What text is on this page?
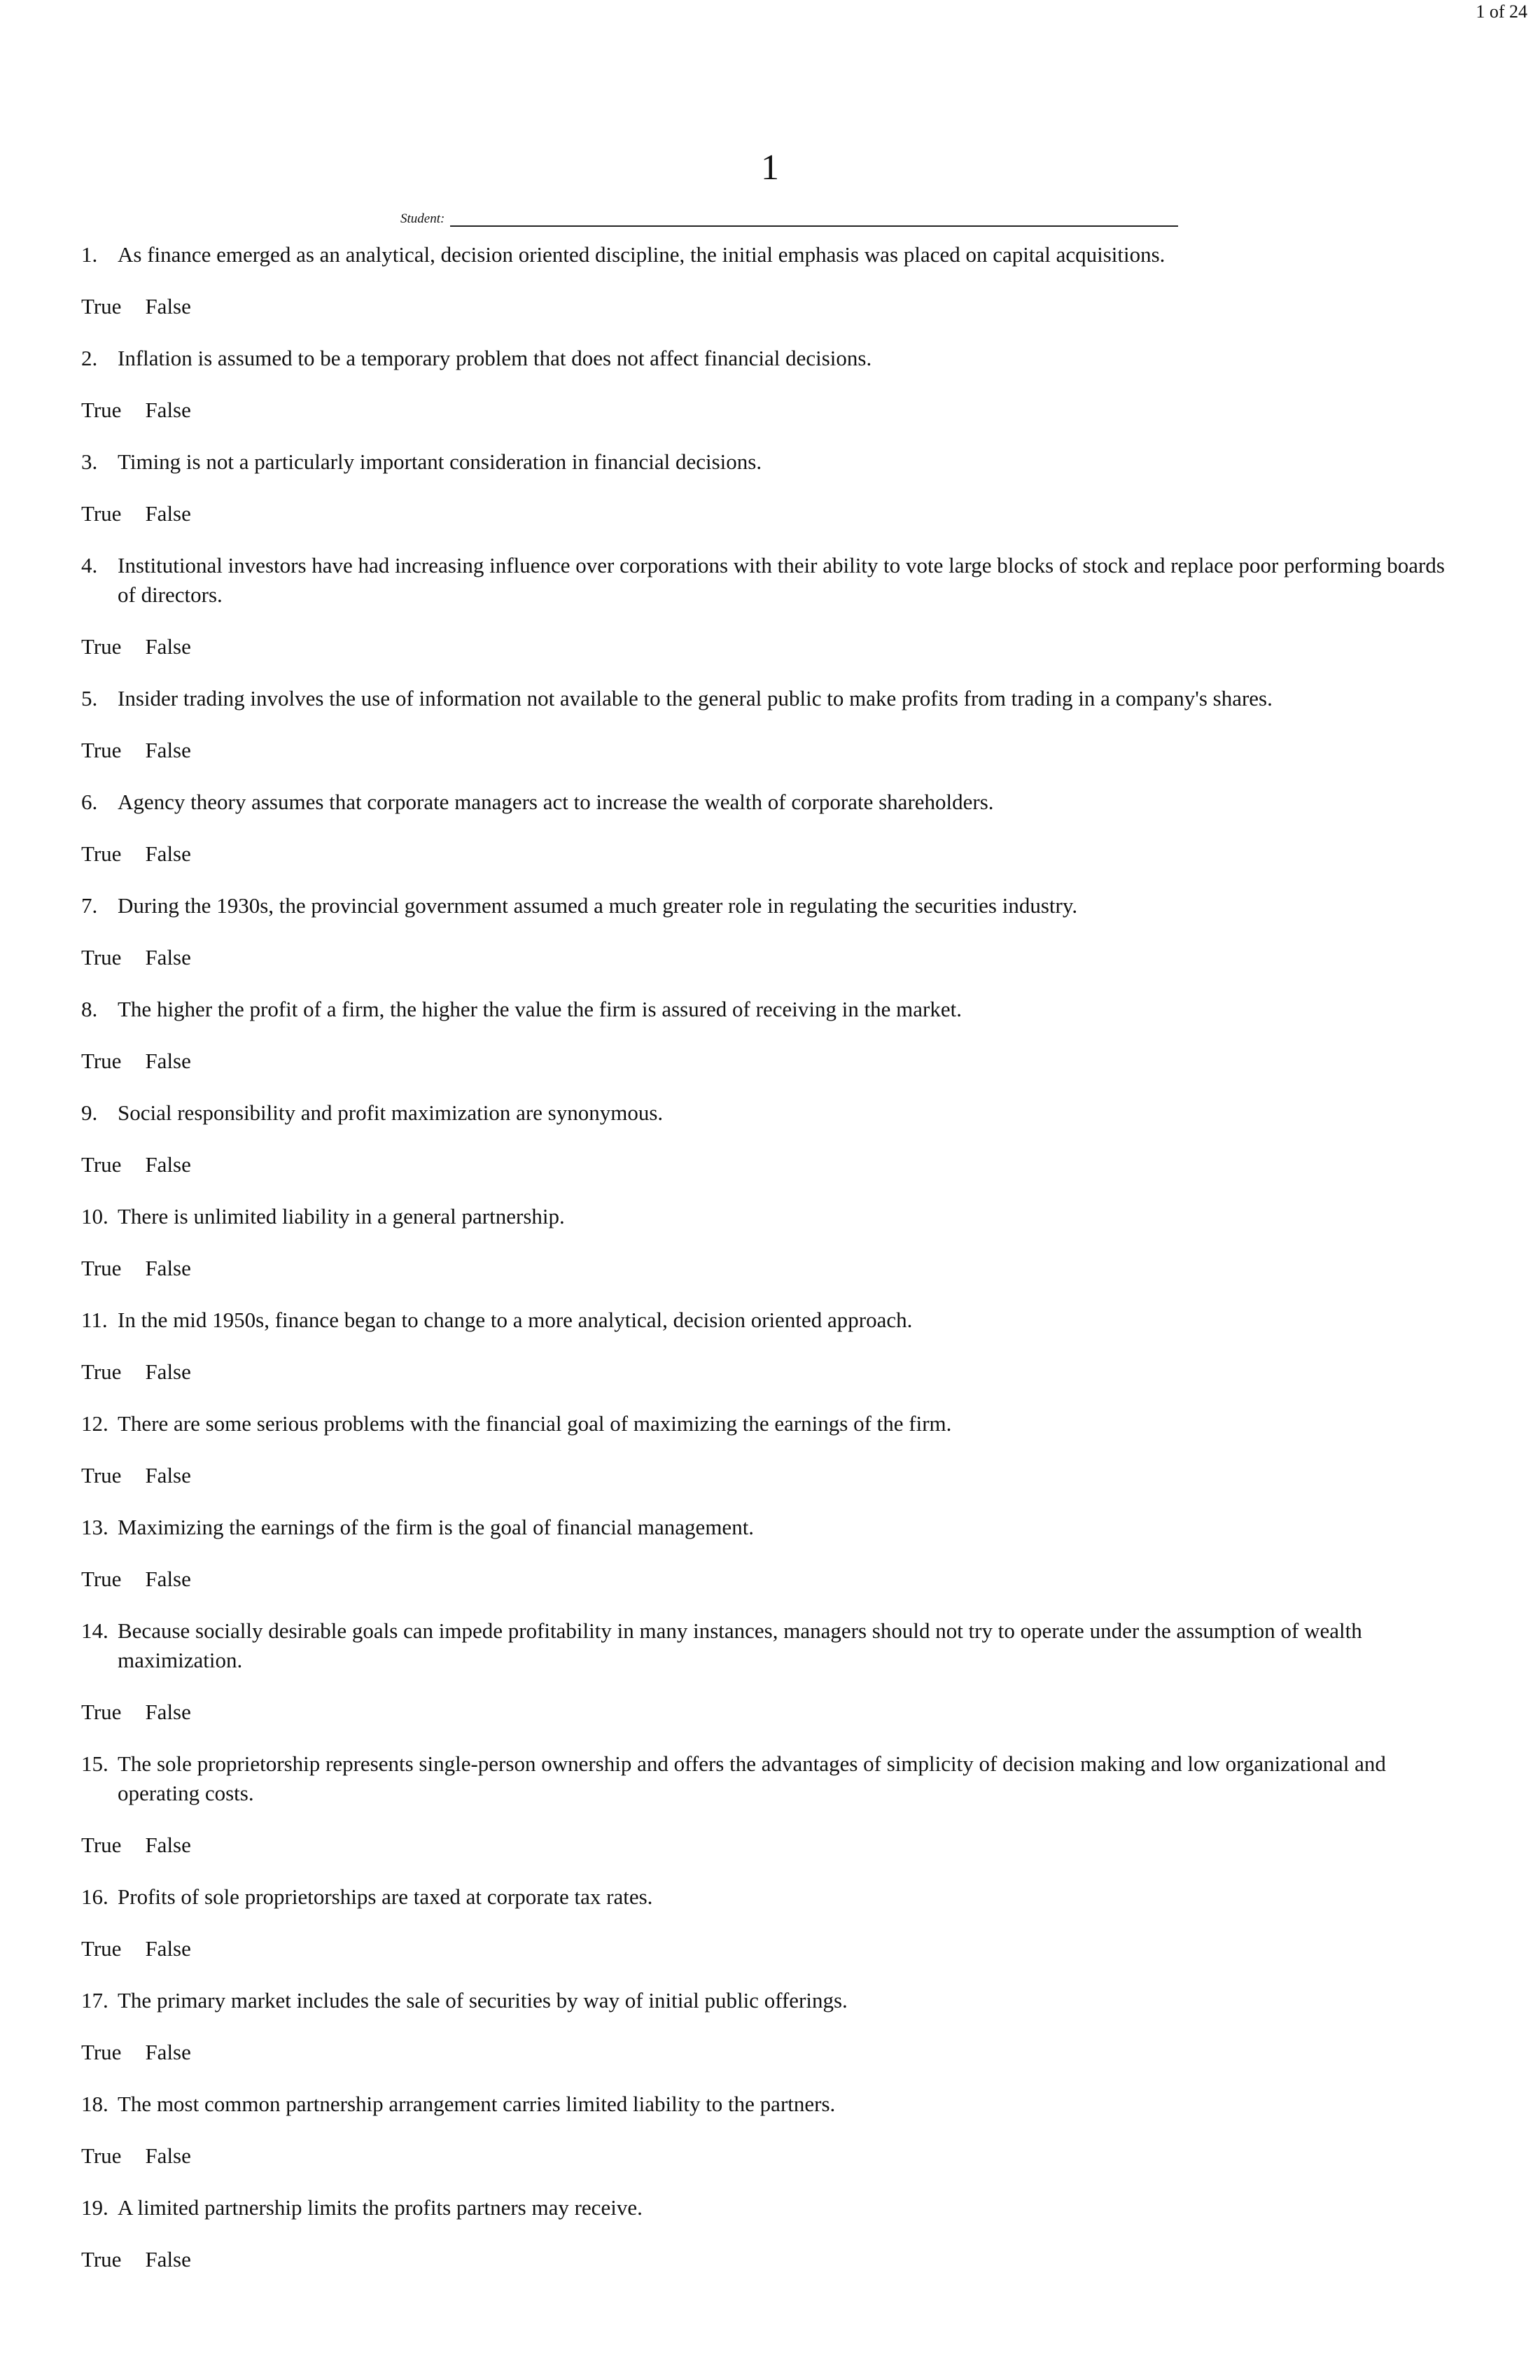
1 of 24
1
Student:
1. As finance emerged as an analytical, decision oriented discipline, the initial emphasis was placed on capital acquisitions.
True False
2. Inflation is assumed to be a temporary problem that does not affect financial decisions.
True False
3. Timing is not a particularly important consideration in financial decisions.
True False
4. Institutional investors have had increasing influence over corporations with their ability to vote large blocks of stock and replace poor performing boards of directors.
True False
5. Insider trading involves the use of information not available to the general public to make profits from trading in a company's shares.
True False
6. Agency theory assumes that corporate managers act to increase the wealth of corporate shareholders.
True False
7. During the 1930s, the provincial government assumed a much greater role in regulating the securities industry.
True False
8. The higher the profit of a firm, the higher the value the firm is assured of receiving in the market.
True False
9. Social responsibility and profit maximization are synonymous.
True False
10. There is unlimited liability in a general partnership.
True False
11. In the mid 1950s, finance began to change to a more analytical, decision oriented approach.
True False
12. There are some serious problems with the financial goal of maximizing the earnings of the firm.
True False
13. Maximizing the earnings of the firm is the goal of financial management.
True False
14. Because socially desirable goals can impede profitability in many instances, managers should not try to operate under the assumption of wealth maximization.
True False
15. The sole proprietorship represents single-person ownership and offers the advantages of simplicity of decision making and low organizational and operating costs.
True False
16. Profits of sole proprietorships are taxed at corporate tax rates.
True False
17. The primary market includes the sale of securities by way of initial public offerings.
True False
18. The most common partnership arrangement carries limited liability to the partners.
True False
19. A limited partnership limits the profits partners may receive.
True False
